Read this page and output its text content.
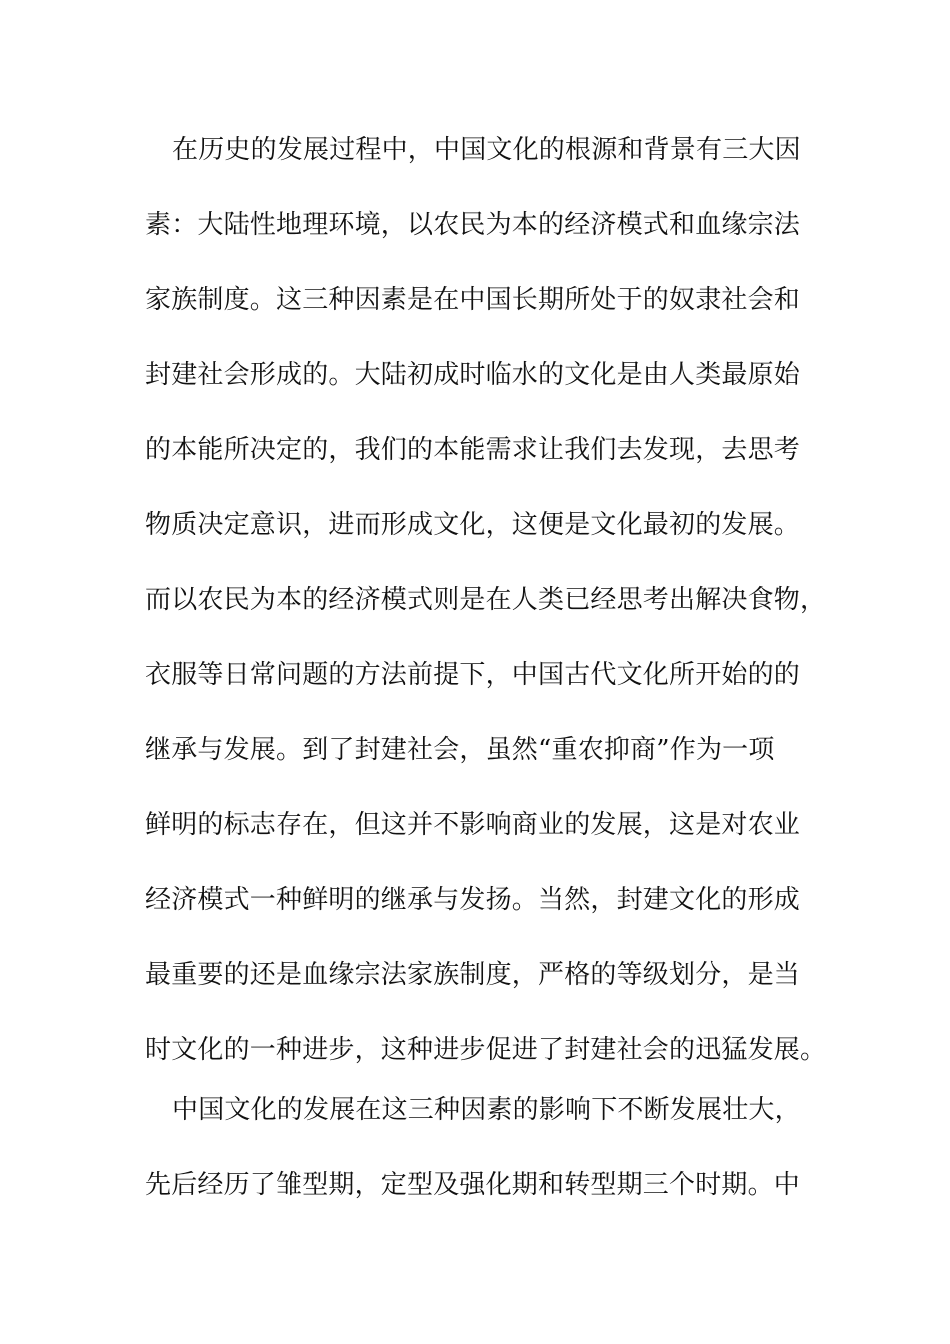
在历史的发展过程中，中国文化的根源和背景有三大因
素：大陆性地理环境，以农民为本的经济模式和血缘宗法
家族制度。这三种因素是在中国长期所处于的奴隶社会和
封建社会形成的。大陆初成时临水的文化是由人类最原始
的本能所决定的，我们的本能需求让我们去发现，去思考
物质决定意识，进而形成文化，这便是文化最初的发展。
而以农民为本的经济模式则是在人类已经思考出解决食物，
衣服等日常问题的方法前提下，中国古代文化所开始的的
继承与发展。到了封建社会，虽然“重农抑商”作为一项
鲜明的标志存在，但这并不影响商业的发展，这是对农业
经济模式一种鲜明的继承与发扬。当然，封建文化的形成
最重要的还是血缘宗法家族制度，严格的等级划分，是当
时文化的一种进步，这种进步促进了封建社会的迅猛发展。
中国文化的发展在这三种因素的影响下不断发展壮大，
先后经历了雏型期，定型及强化期和转型期三个时期。中
